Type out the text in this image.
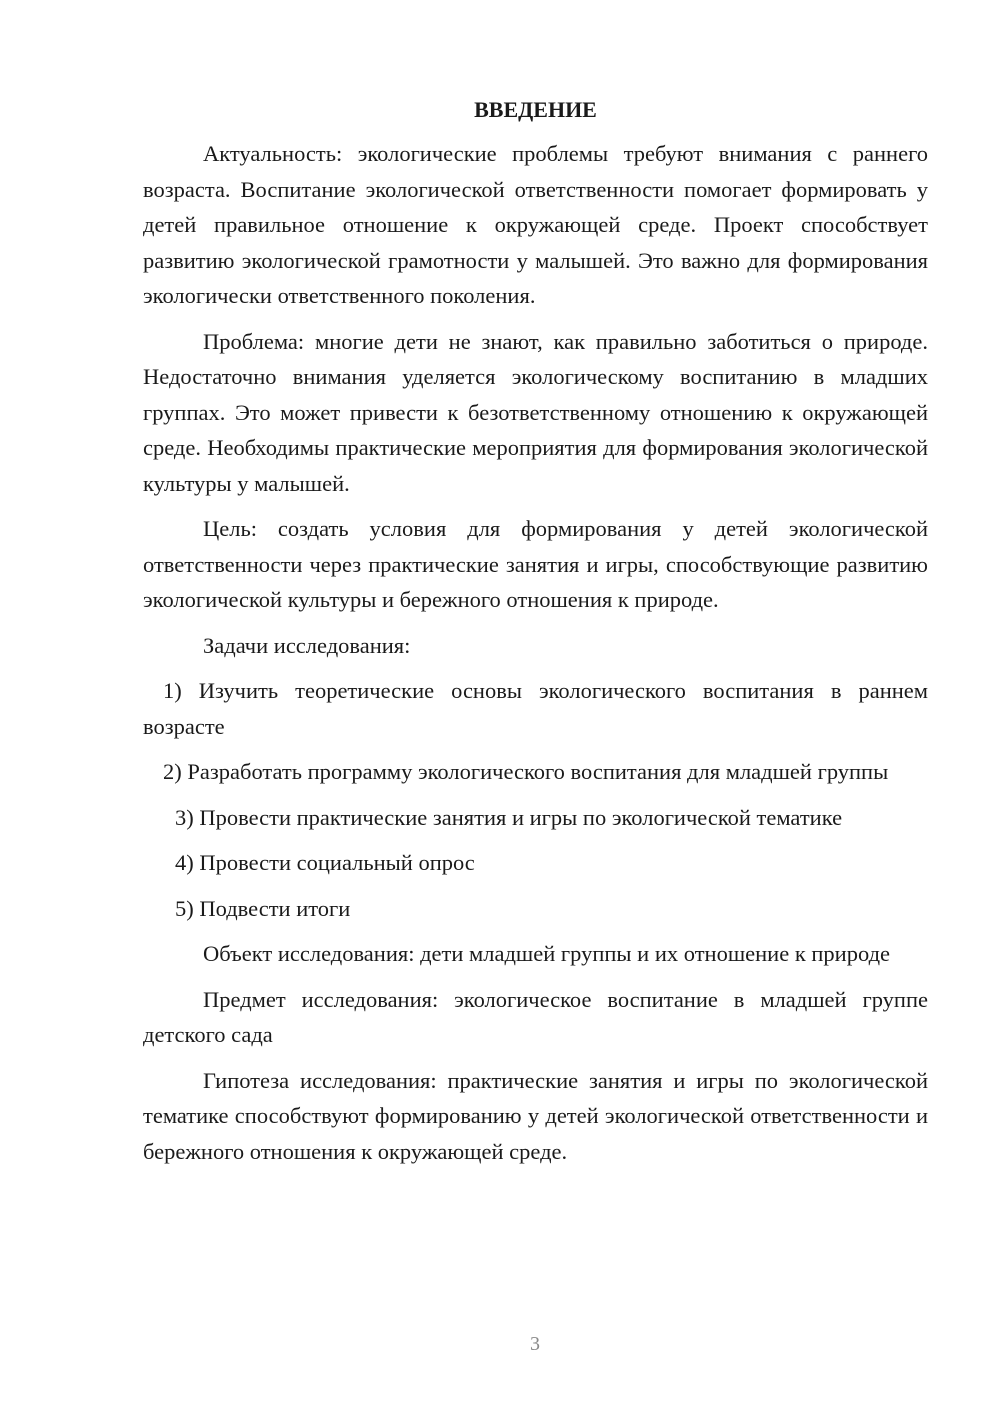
ВВЕДЕНИЕ

Актуальность: экологические проблемы требуют внимания с раннего возраста. Воспитание экологической ответственности помогает формировать у детей правильное отношение к окружающей среде. Проект способствует развитию экологической грамотности у малышей. Это важно для формирования экологически ответственного поколения.

Проблема: многие дети не знают, как правильно заботиться о природе. Недостаточно внимания уделяется экологическому воспитанию в младших группах. Это может привести к безответственному отношению к окружающей среде. Необходимы практические мероприятия для формирования экологической культуры у малышей.

Цель: создать условия для формирования у детей экологической ответственности через практические занятия и игры, способствующие развитию экологической культуры и бережного отношения к природе.

Задачи исследования:

1) Изучить теоретические основы экологического воспитания в раннем возрасте

2) Разработать программу экологического воспитания для младшей группы

3) Провести практические занятия и игры по экологической тематике

4) Провести социальный опрос

5) Подвести итоги

Объект исследования: дети младшей группы и их отношение к природе

Предмет исследования: экологическое воспитание в младшей группе детского сада

Гипотеза исследования: практические занятия и игры по экологической тематике способствуют формированию у детей экологической ответственности и бережного отношения к окружающей среде.

3
